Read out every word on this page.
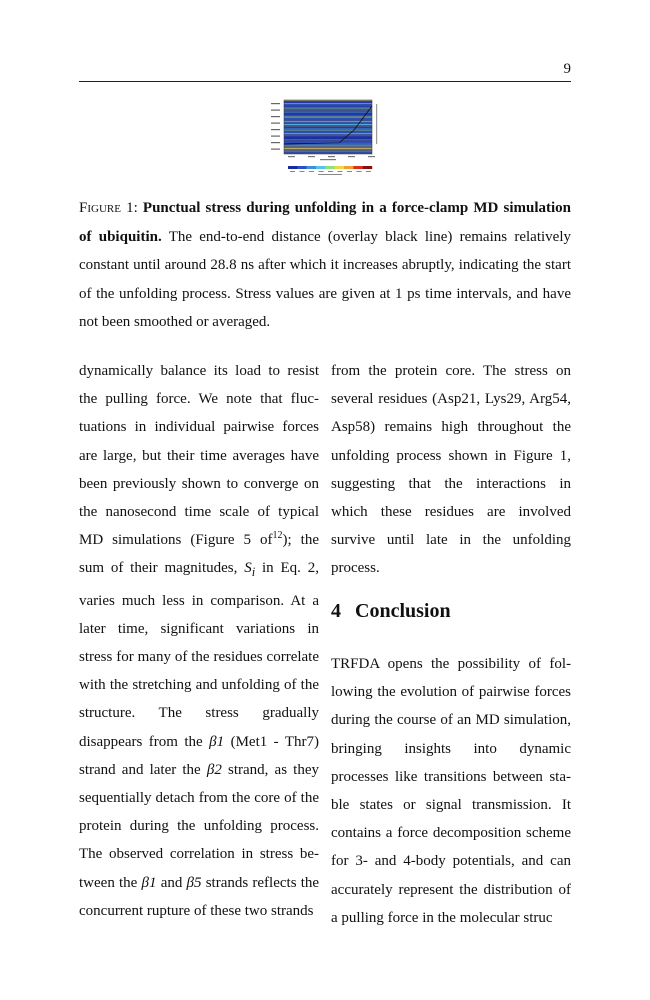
9
Figure 1: Punctual stress during unfolding in a force-clamp MD simulation of ubiquitin. The end-to-end distance (overlay black line) remains relatively constant until around 28.8 ns after which it increases abruptly, indicating the start of the unfolding process. Stress values are given at 1 ps time intervals, and have not been smoothed or averaged.
dynamically balance its load to resist the pulling force. We note that fluctuations in individual pairwise forces are large, but their time averages have been previously shown to converge on the nanosecond time scale of typical MD simulations (Figure 5 $of^{12}$); the sum of their magnitudes, $S_i$ in Eq. 2, varies much less in comparison. At a later time, significant variations in stress for many of the residues correlate with the stretching and unfolding of the structure. The stress gradually disappears from the β1 (Met1 - Thr7) strand and later the β2 strand, as they sequentially detach from the core of the protein during the unfolding process. The observed correlation in stress between the β1 and β5 strands reflects the concurrent rupture of these two strands
from the protein core. The stress on several residues (Asp21, Lys29, Arg54, Asp58) remains high throughout the unfolding process shown in Figure 1, suggesting that the interactions in which these residues are involved survive until late in the unfolding process.
4 Conclusion
TRFDA opens the possibility of following the evolution of pairwise forces during the course of an MD simulation, bringing insights into dynamic processes like transitions between stable states or signal transmission. It contains a force decomposition scheme for 3- and 4-body potentials, and can accurately represent the distribution of a pulling force in the molecular struc
